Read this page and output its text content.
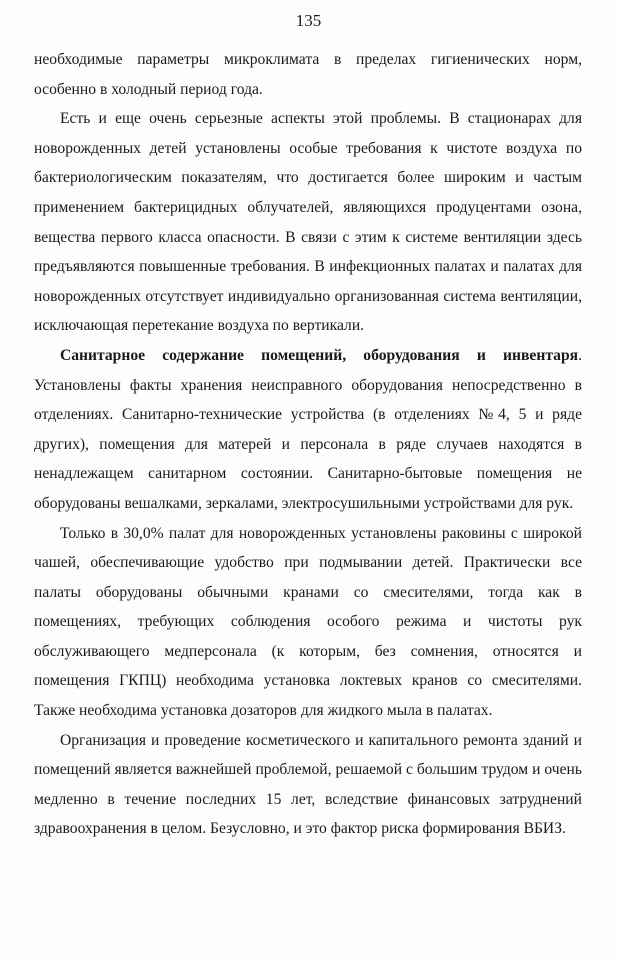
135

необходимые параметры микроклимата в пределах гигиенических норм, особенно в холодный период года.

Есть и еще очень серьезные аспекты этой проблемы. В стационарах для новорожденных детей установлены особые требования к чистоте воздуха по бактериологическим показателям, что достигается более широким и частым применением бактерицидных облучателей, являющихся продуцентами озона, вещества первого класса опасности. В связи с этим к системе вентиляции здесь предъявляются повышенные требования. В инфекционных палатах и палатах для новорожденных отсутствует индивидуально организованная система вентиляции, исключающая перетекание воздуха по вертикали.

Санитарное содержание помещений, оборудования и инвентаря. Установлены факты хранения неисправного оборудования непосредственно в отделениях. Санитарно-технические устройства (в отделениях №4, 5 и ряде других), помещения для матерей и персонала в ряде случаев находятся в ненадлежащем санитарном состоянии. Санитарно-бытовые помещения не оборудованы вешалками, зеркалами, электросушильными устройствами для рук.

Только в 30,0% палат для новорожденных установлены раковины с широкой чашей, обеспечивающие удобство при подмывании детей. Практически все палаты оборудованы обычными кранами со смесителями, тогда как в помещениях, требующих соблюдения особого режима и чистоты рук обслуживающего медперсонала (к которым, без сомнения, относятся и помещения ГКПЦ) необходима установка локтевых кранов со смесителями. Также необходима установка дозаторов для жидкого мыла в палатах.

Организация и проведение косметического и капитального ремонта зданий и помещений является важнейшей проблемой, решаемой с большим трудом и очень медленно в течение последних 15 лет, вследствие финансовых затруднений здравоохранения в целом. Безусловно, и это фактор риска формирования ВБИЗ.
